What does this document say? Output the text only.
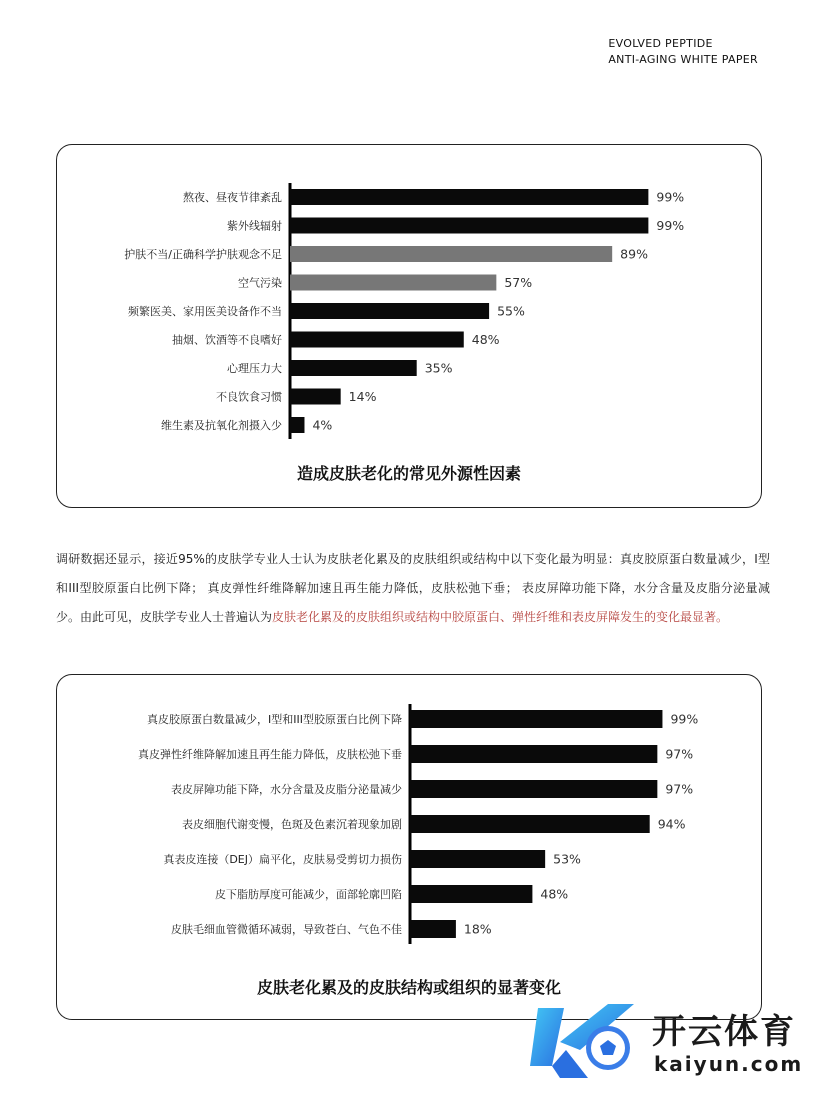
EVOLVED PEPTIDE
ANTI-AGING WHITE PAPER
熬夜、昼夜节律紊乱	99%
紫外线辐射	99%
护肤不当/正确科学护肤观念不足	89%
空气污染	57%
频繁医美、家用医美设备作不当	55%
抽烟、饮酒等不良嗜好	48%
心理压力大	35%
不良饮食习惯	14%
维生素及抗氧化剂摄入少 4%
造成皮肤老化的常见外源性因素
调研数据还显示，接近95%的皮肤学专业人士认为皮肤老化累及的皮肤组织或结构中以下变化最为明显：真皮胶原蛋白数量减少，I型和III型胶原蛋白比例下降； 真皮弹性纤维降解加速且再生能力降低，皮肤松弛下垂； 表皮屏障功能下降，水分含量及皮脂分泌量减少。由此可见，皮肤学专业人士普遍认为皮肤老化累及的皮肤组织或结构中胶原蛋白、弹性纤维和表皮屏障发生的变化最显著。
真皮胶原蛋白数量减少，I型和III型胶原蛋白比例下降	99%
真皮弹性纤维降解加速且再生能力降低，皮肤松弛下垂	97%
表皮屏障功能下降，水分含量及皮脂分泌量减少	97%
表皮细胞代谢变慢，色斑及色素沉着现象加剧	94%
真表皮连接（DEJ）扁平化，皮肤易受剪切力损伤	53%
皮下脂肪厚度可能减少，面部轮廓凹陷	48%
皮肤毛细血管微循环减弱，导致苍白、气色不佳	18%
皮肤老化累及的皮肤结构或组织的显著变化
开云体育
kaiyun.com
